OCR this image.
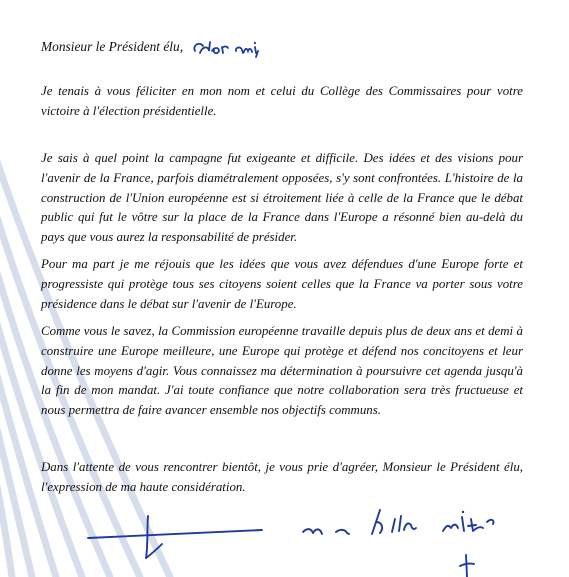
Monsieur le Président élu,

Je tenais à vous féliciter en mon nom et celui du Collège des Commissaires pour votre victoire à l'élection présidentielle.

Je sais à quel point la campagne fut exigeante et difficile. Des idées et des visions pour l'avenir de la France, parfois diamétralement opposées, s'y sont confrontées. L'histoire de la construction de l'Union européenne est si étroitement liée à celle de la France que le débat public qui fut le vôtre sur la place de la France dans l'Europe a résonné bien au-delà du pays que vous aurez la responsabilité de présider.

Pour ma part je me réjouis que les idées que vous avez défendues d'une Europe forte et progressiste qui protège tous ses citoyens soient celles que la France va porter sous votre présidence dans le débat sur l'avenir de l'Europe.

Comme vous le savez, la Commission européenne travaille depuis plus de deux ans et demi à construire une Europe meilleure, une Europe qui protège et défend nos concitoyens et leur donne les moyens d'agir. Vous connaissez ma détermination à poursuivre cet agenda jusqu'à la fin de mon mandat. J'ai toute confiance que notre collaboration sera très fructueuse et nous permettra de faire avancer ensemble nos objectifs communs.

Dans l'attente de vous rencontrer bientôt, je vous prie d'agréer, Monsieur le Président élu, l'expression de ma haute considération.
